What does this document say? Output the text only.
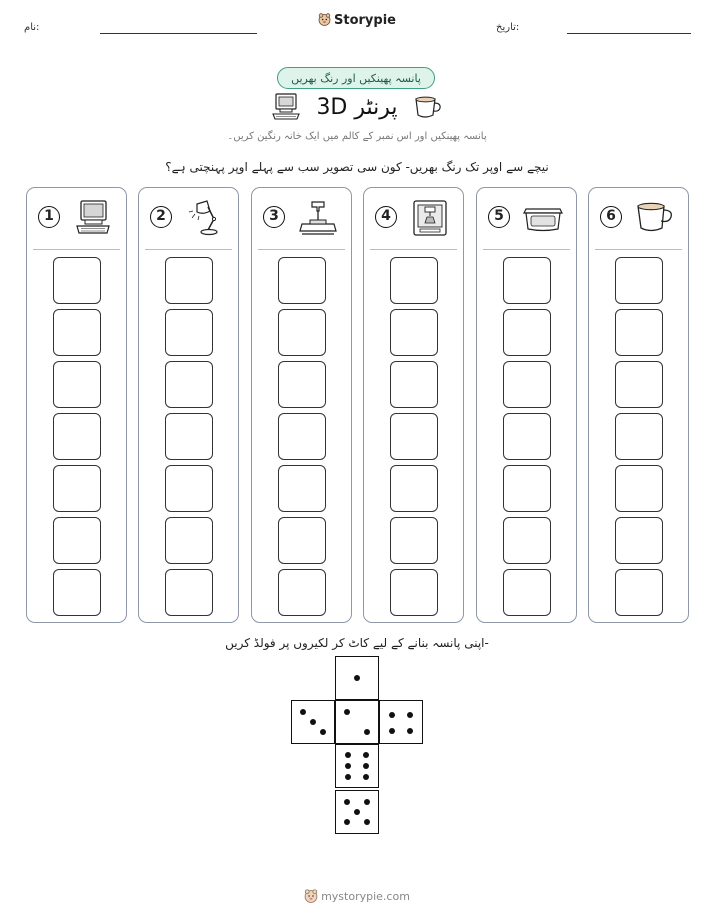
نام:	Storypie	تاریخ:
پانسہ پھینکیں اور رنگ بھریں
3D پرنٹر
پانسہ پھینکیں اور اس نمبر کے کالم میں ایک خانہ رنگین کریں۔
نیچے سے اوپر تک رنگ بھریں- کون سی تصویر سب سے پہلے اوپر پہنچتی ہے؟
1	2	3	4	5	6
اپنی پانسہ بنانے کے لیے کاٹ کر لکیروں پر فولڈ کریں-
mystorypie.com
